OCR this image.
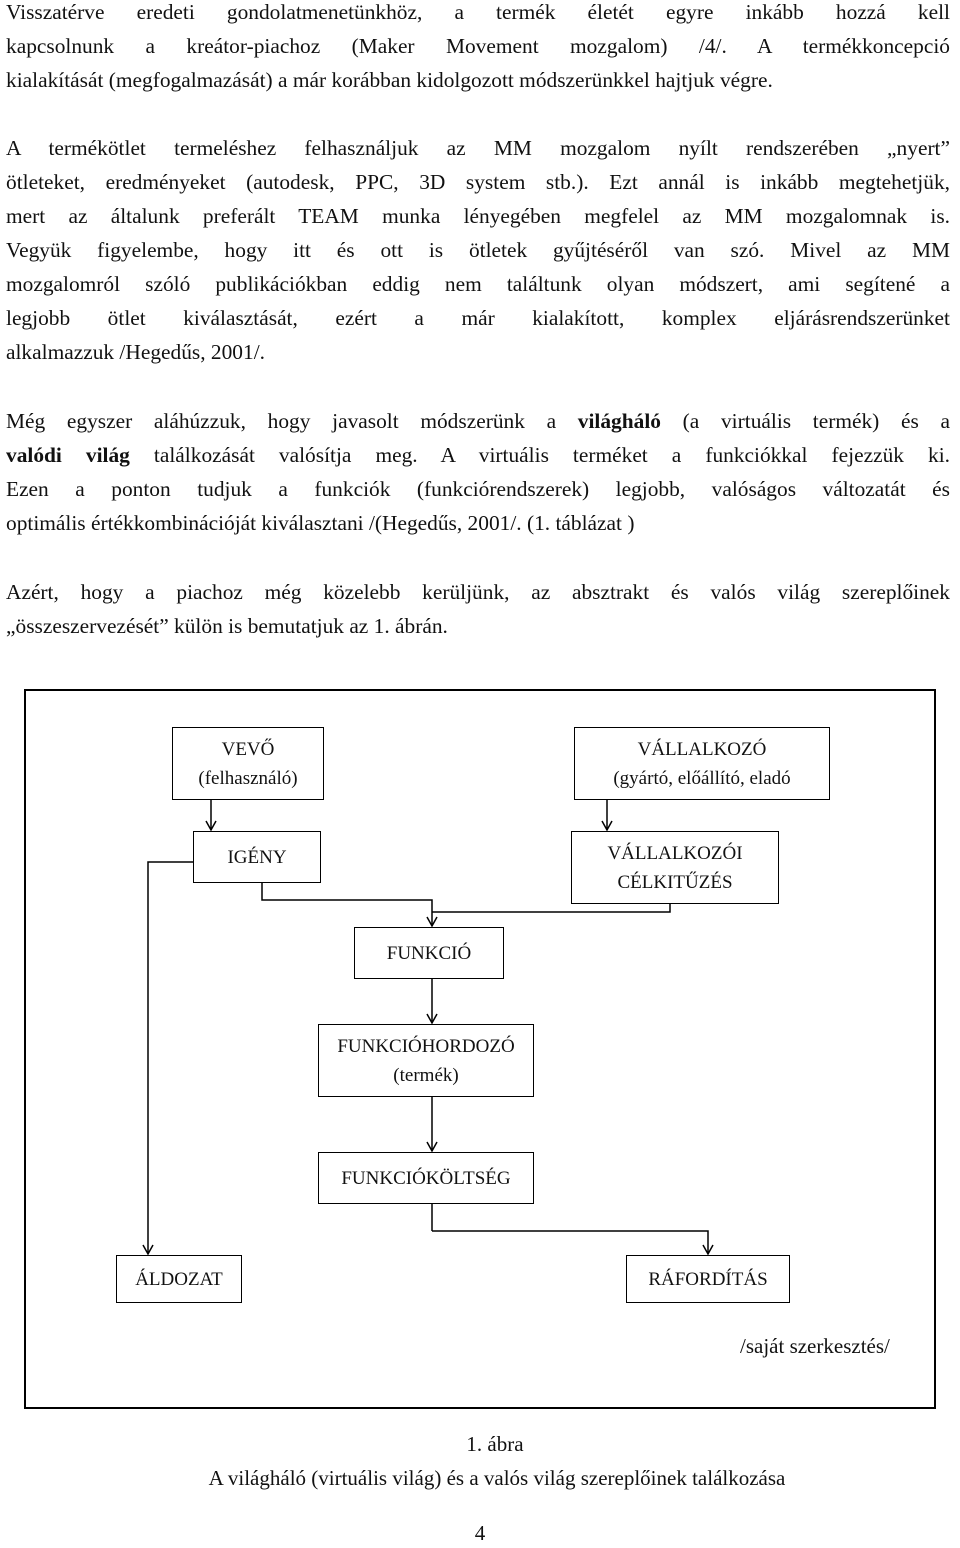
Visszatérve eredeti gondolatmenetünkhöz, a termék életét egyre inkább hozzá kell
kapcsolnunk a kreátor-piachoz (Maker Movement mozgalom) /4/. A termékkoncepció
kialakítását (megfogalmazását) a már korábban kidolgozott módszerünkkel hajtjuk végre.
A termékötlet termeléshez felhasználjuk az MM mozgalom nyílt rendszerében „nyert”
ötleteket, eredményeket (autodesk, PPC, 3D system stb.). Ezt annál is inkább megtehetjük,
mert az általunk preferált TEAM munka lényegében megfelel az MM mozgalomnak is.
Vegyük figyelembe, hogy itt és ott is ötletek gyűjtéséről van szó. Mivel az MM
mozgalomról szóló publikációkban eddig nem találtunk olyan módszert, ami segítené a
legjobb ötlet kiválasztását, ezért a már kialakított, komplex eljárásrendszerünket
alkalmazzuk /Hegedűs, 2001/.
Még egyszer aláhúzzuk, hogy javasolt módszerünk a világháló (a virtuális termék) és a
valódi világ találkozását valósítja meg. A virtuális terméket a funkciókkal fejezzük ki.
Ezen a ponton tudjuk a funkciók (funkciórendszerek) legjobb, valóságos változatát és
optimális értékkombinációját kiválasztani /(Hegedűs, 2001/. (1. táblázat )
Azért, hogy a piachoz még közelebb kerüljünk, az absztrakt és valós világ szereplőinek
„összeszervezését” külön is bemutatjuk az 1. ábrán.
VEVŐ
(felhasználó)
VÁLLALKOZÓ
(gyártó, előállító, eladó
IGÉNY	VÁLLALKOZÓI
CÉLKITŰZÉS
FUNKCIÓ
FUNKCIÓHORDOZÓ
(termék)
FUNKCIÓKÖLTSÉG
ÁLDOZAT	RÁFORDÍTÁS
/saját szerkesztés/
1. ábra
A világháló (virtuális világ) és a valós világ szereplőinek találkozása
4
